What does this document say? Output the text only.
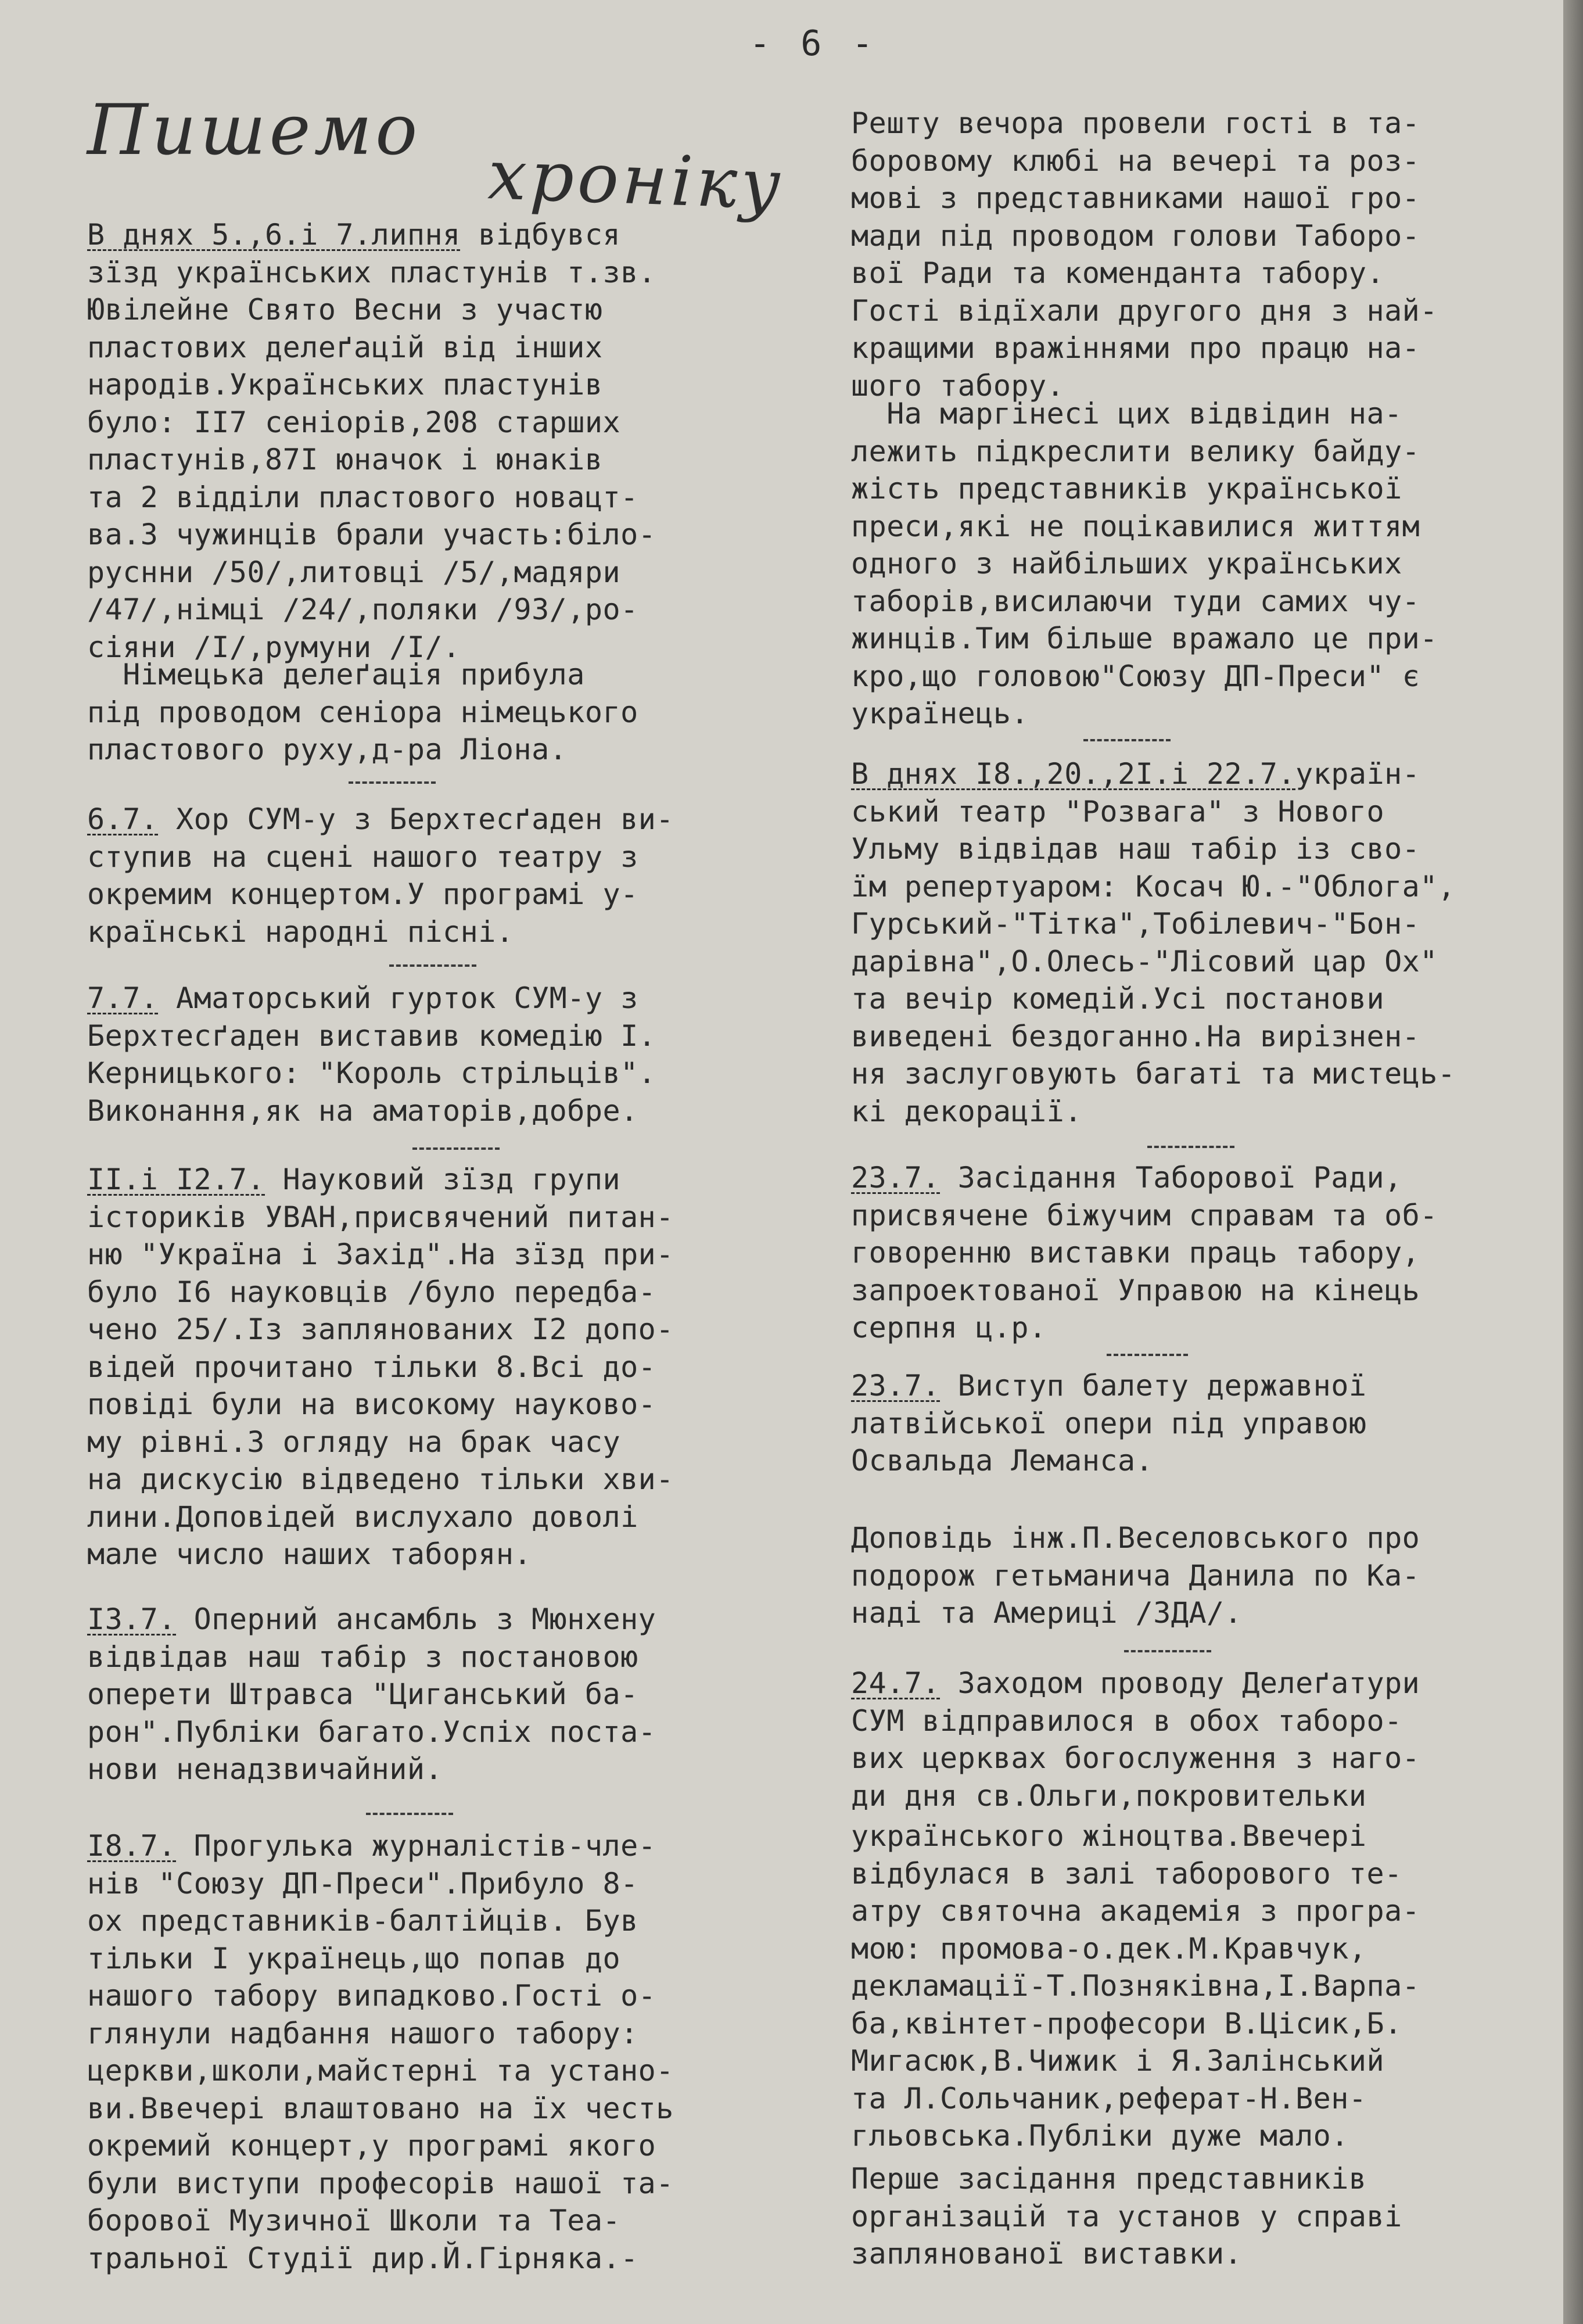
- 6 -
Пишемо
хроніку
В днях 5.,6.і 7.липня відбувся
зїзд українських пластунів т.зв.
Ювілейне Свято Весни з участю
пластових делеґацій від інших
народів.Українських пластунів
було: ІІ7 сеніорів,208 старших
пластунів,87І юначок і юнаків
та 2 відділи пластового новацт-
ва.З чужинців брали участь:біло-
руснни /50/,литовці /5/,мадяри
/47/,німці /24/,поляки /93/,ро-
сіяни /І/,румуни /І/.
Німецька делеґація прибула
під проводом сеніора німецького
пластового руху,д-ра Ліона.
6.7. Хор СУМ-у з Берхтесґаден ви-
ступив на сцені нашого театру з
окремим концертом.У програмі у-
країнські народні пісні.
7.7. Аматорський гурток СУМ-у з
Берхтесґаден виставив комедію І.
Керницького: "Король стрільців".
Виконання,як на аматорів,добре.
ІІ.і І2.7. Науковий зїзд групи
істориків УВАН,присвячений питан-
ню "Україна і Захід".На зїзд при-
було І6 науковців /було передба-
чено 25/.Із запляновaних І2 допо-
відей прочитано тільки 8.Всі до-
повіді були на високому науково-
му рівні.З огляду на брак часу
на дискусію відведено тільки хви-
лини.Доповідей вислухало доволі
мале число наших таборян.
І3.7. Оперний ансамбль з Мюнхену
відвідав наш табір з постановою
оперети Штравса "Циганський ба-
рон".Публіки багато.Успіх поста-
нови ненадзвичайний.
І8.7. Прогулька журналістів-чле-
нів "Союзу ДП-Преси".Прибуло 8-
ох представників-балтійців. Був
тільки І українець,що попав до
нашого табору випадково.Гості о-
глянули надбання нашого табору:
церкви,школи,майстерні та устано-
ви.Ввечері влаштовано на їх честь
окремий концерт,у програмі якого
були виступи професорів нашої та-
борової Музичної Школи та Теа-
тральної Студії дир.Й.Гірняка.-
Решту вечора провели гості в та-
боровому клюбі на вечері та роз-
мові з представниками нашої гро-
мади під проводом голови Таборо-
вої Ради та коменданта табору.
Гості відїхали другого дня з най-
кращими вражіннями про працю на-
шого табору.
На маргінесі цих відвідин на-
лежить підкреслити велику байду-
жість представників української
преси,які не поцікавилися життям
одного з найбільших українських
таборів,висилаючи туди самих чу-
жинців.Тим більше вражало це при-
кро,що головою"Союзу ДП-Преси" є
українець.
В днях І8.,20.,2І.і 22.7.україн-
ський театр "Розвага" з Нового
Ульму відвідав наш табір із сво-
їм репертуаром: Косач Ю.-"Облога",
Гурський-"Тітка",Тобілевич-"Бон-
дарівна",О.Олесь-"Лісовий цар Ох"
та вечір комедій.Усі постанови
виведені бездоганно.На вирізнен-
ня заслуговують багаті та мистець-
кі декорації.
23.7. Засідання Таборової Ради,
присвячене біжучим справам та об-
говоренню виставки праць табору,
запроектованої Управою на кінець
серпня ц.р.
23.7. Виступ балету державної
латвійської опери під управою
Освальда Леманса.
Доповідь інж.П.Веселовського про
подорож гетьманича Данила по Ка-
наді та Америці /ЗДА/.
24.7. Заходом проводу Делеґатури
СУМ відправилося в обох таборо-
вих церквах богослуження з наго-
ди дня св.Ольги,покровительки
українського жіноцтва.Ввечері
відбулася в залі таборового те-
атру святочна академія з програ-
мою: промова-о.дек.М.Кравчук,
декламації-Т.Позняківна,І.Варпа-
ба,квінтет-професори В.Цісик,Б.
Мигасюк,В.Чижик і Я.Залінський
та Л.Сольчаник,реферат-Н.Вен-
гльовська.Публіки дуже мало.
Перше засідання представників
організацій та установ у справі
запляновaної виставки.
